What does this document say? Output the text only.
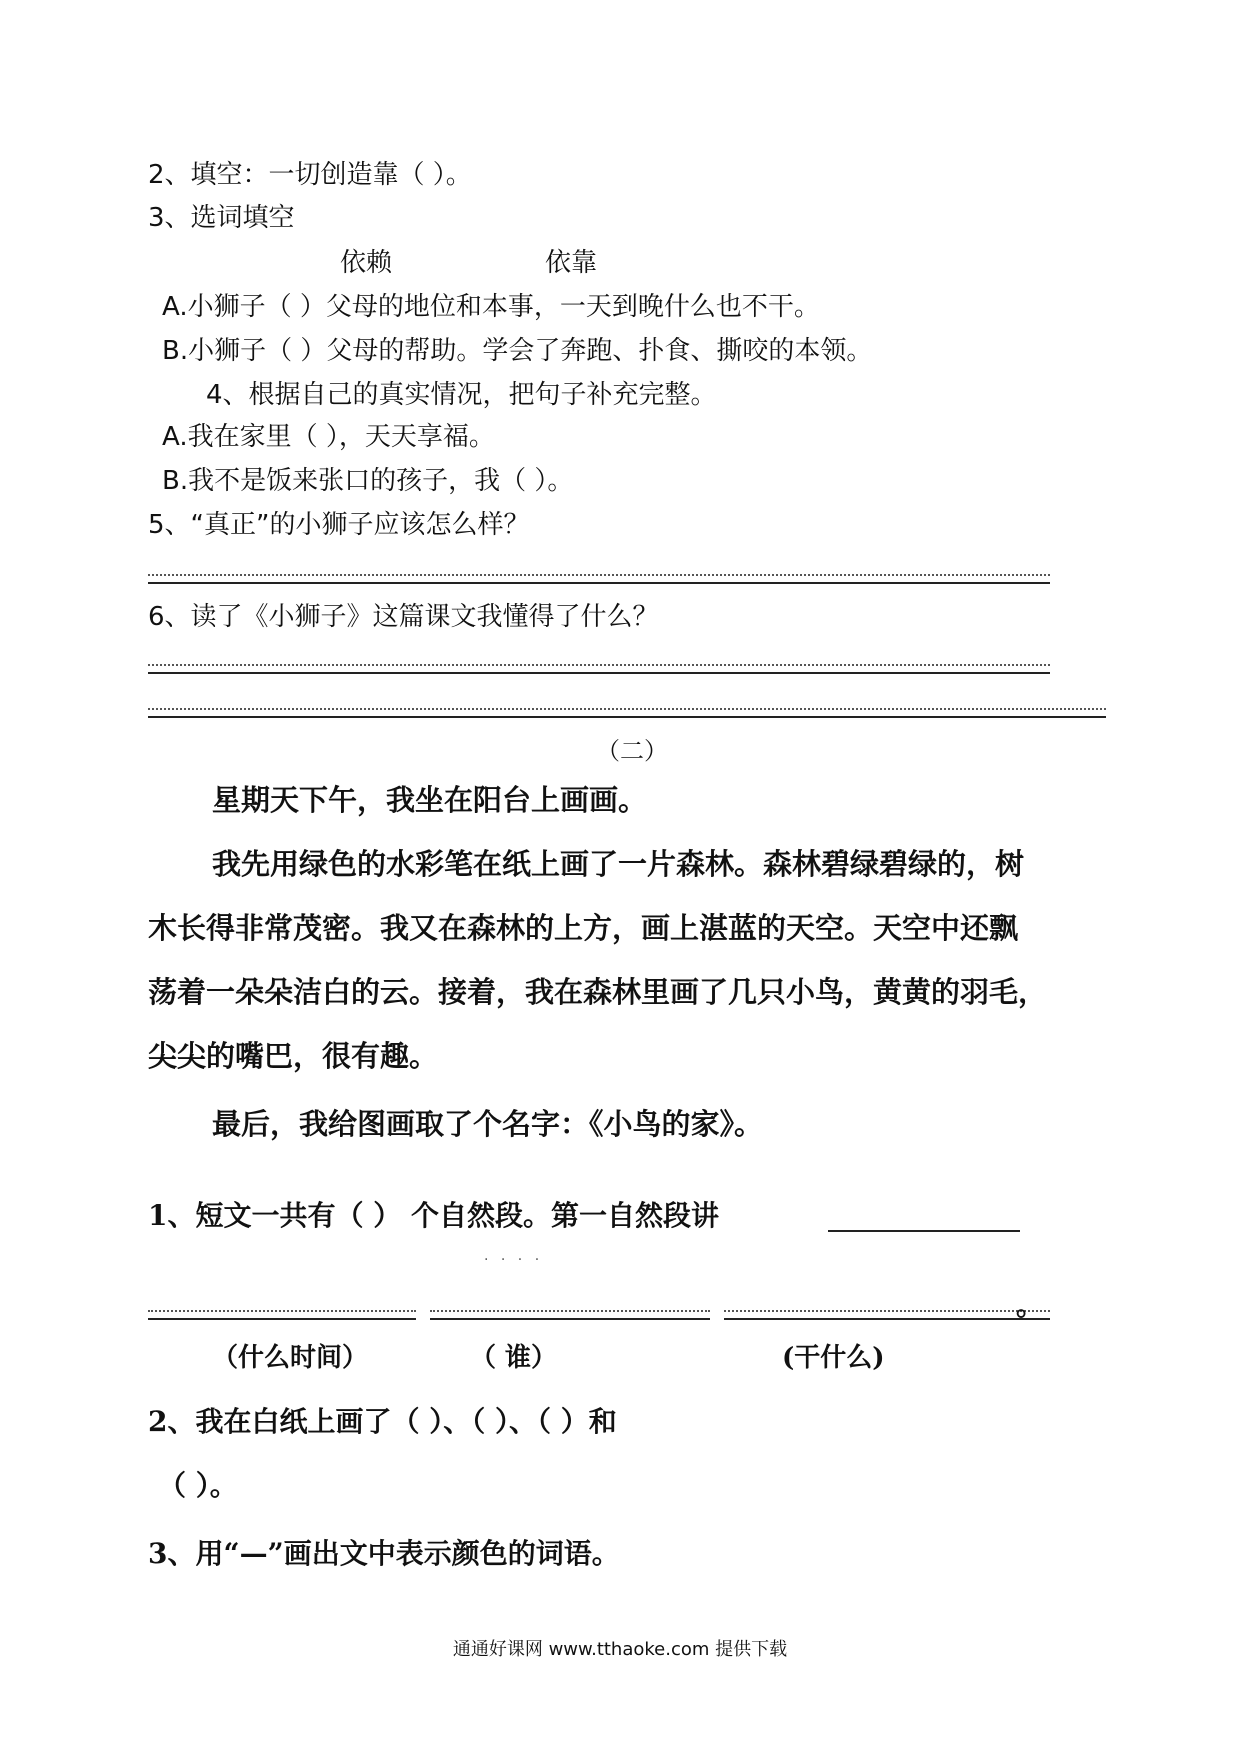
2、填空：一切创造靠（ ）。
3、选词填空
依赖	依靠
A.小狮子（ ）父母的地位和本事，一天到晚什么也不干。
B.小狮子（ ）父母的帮助。学会了奔跑、扑食、撕咬的本领。
4、根据自己的真实情况，把句子补充完整。
A.我在家里（ ），天天享福。
B.我不是饭来张口的孩子，我（ ）。
5、“真正”的小狮子应该怎么样？
6、读了《小狮子》这篇课文我懂得了什么？
（二）
星期天下午，我坐在阳台上画画。
我先用绿色的水彩笔在纸上画了一片森林。森林碧绿碧绿的，树
木长得非常茂密。我又在森林的上方，画上湛蓝的天空。天空中还飘
荡着一朵朵洁白的云。接着，我在森林里画了几只小鸟，黄黄的羽毛，
尖尖的嘴巴，很有趣。
最后，我给图画取了个名字：《小鸟的家》。
1、短文一共有（ ） 个自然段。第一自然段讲
· · · ·
。
（什么时间）	（ 谁）	(干什么)
2、我在白纸上画了（ ）、（ ）、（ ）和
（ ）。
3、用“—”画出文中表示颜色的词语。
通通好课网 www.tthaoke.com 提供下载
